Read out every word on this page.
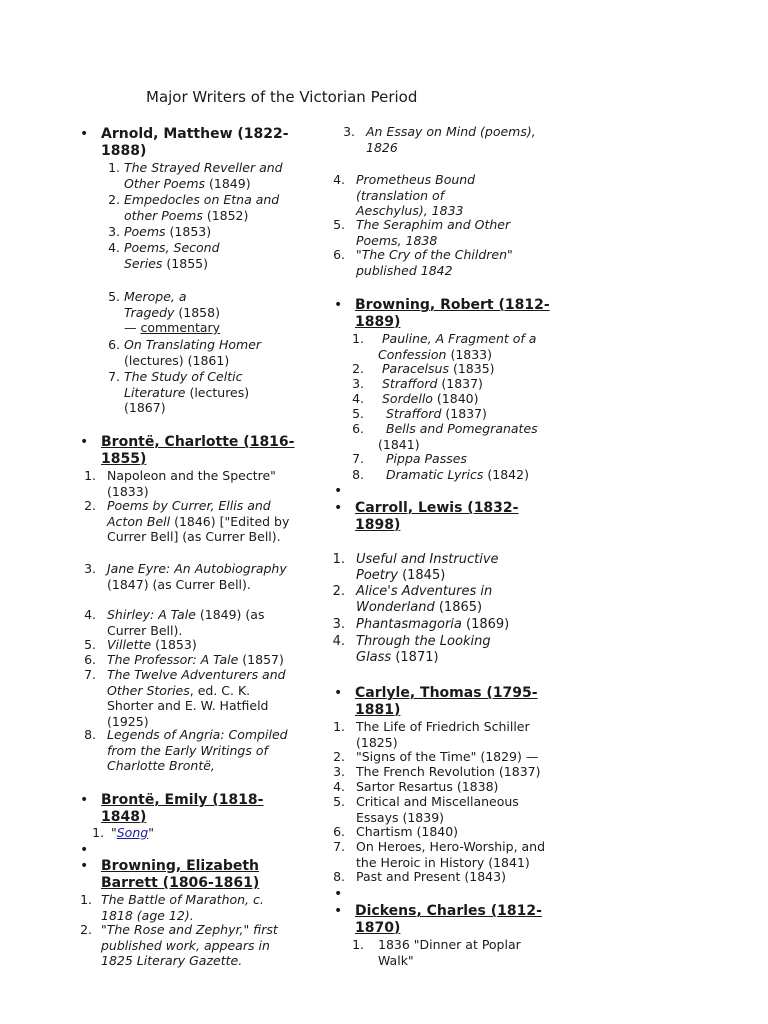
Major Writers of the Victorian Period
• Arnold, Matthew (1822-1888)
1. The Strayed Reveller and Other Poems (1849)
2. Empedocles on Etna and other Poems (1852)
3. Poems (1853)
4. Poems, Second Series (1855)
5. Merope, a Tragedy (1858)
— commentary
6. On Translating Homer (lectures) (1861)
7. The Study of Celtic Literature (lectures) (1867)
• Brontë, Charlotte (1816-1855)
1. Napoleon and the Spectre" (1833)
2. Poems by Currer, Ellis and Acton Bell (1846) ["Edited by Currer Bell] (as Currer Bell).
3. Jane Eyre: An Autobiography (1847) (as Currer Bell).
4. Shirley: A Tale (1849) (as Currer Bell).
5. Villette (1853)
6. The Professor: A Tale (1857)
7. The Twelve Adventurers and Other Stories, ed. C. K. Shorter and E. W. Hatfield (1925)
8. Legends of Angria: Compiled from the Early Writings of Charlotte Brontë,
• Brontë, Emily (1818-1848)
1. "Song"
•
• Browning, Elizabeth Barrett (1806-1861)
1. The Battle of Marathon, c. 1818 (age 12).
2. "The Rose and Zephyr," first published work, appears in 1825 Literary Gazette.
3. An Essay on Mind (poems), 1826
4. Prometheus Bound (translation of Aeschylus), 1833
5. The Seraphim and Other Poems, 1838
6. "The Cry of the Children" published 1842
• Browning, Robert (1812-1889)
1.	Pauline, A Fragment of a Confession (1833)
2. Paracelsus (1835)
3. Strafford (1837)
4. Sordello (1840)
5. Strafford (1837)
6.	Bells and Pomegranates (1841)
7. Pippa Passes
8. Dramatic Lyrics (1842)
•
• Carroll, Lewis (1832-1898)
1. Useful and Instructive Poetry (1845)
2. Alice's Adventures in Wonderland (1865)
3. Phantasmagoria (1869)
4. Through the Looking Glass (1871)
• Carlyle, Thomas (1795-1881)
1. The Life of Friedrich Schiller (1825)
2. "Signs of the Time" (1829) —
3. The French Revolution (1837)
4. Sartor Resartus (1838)
5. Critical and Miscellaneous Essays (1839)
6. Chartism (1840)
7. On Heroes, Hero-Worship, and the Heroic in History (1841)
8. Past and Present (1843)
•
• Dickens, Charles (1812-1870)
1. 1836 "Dinner at Poplar Walk"
